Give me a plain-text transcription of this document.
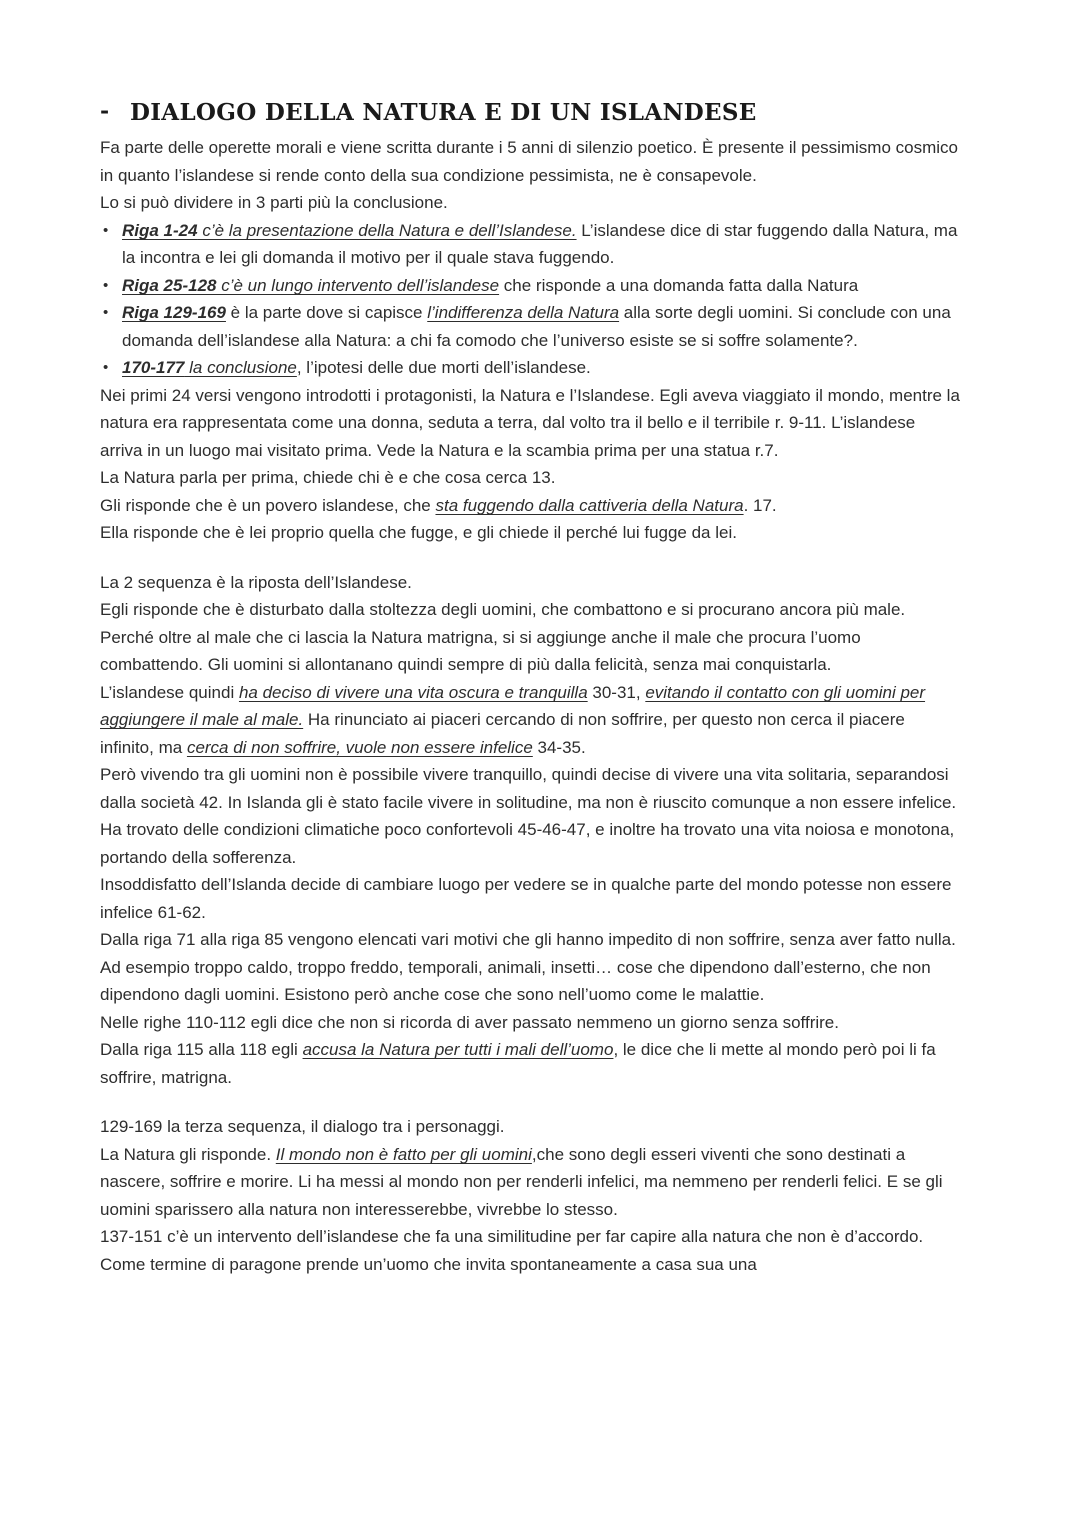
- DIALOGO DELLA NATURA E DI UN ISLANDESE
Fa parte delle operette morali e viene scritta durante i 5 anni di silenzio poetico. È presente il pessimismo cosmico in quanto l’islandese si rende conto della sua condizione pessimista, ne è consapevole.
Lo si può dividere in 3 parti più la conclusione.
• Riga 1-24 c’è la presentazione della Natura e dell’Islandese. L’islandese dice di star fuggendo dalla Natura, ma la incontra e lei gli domanda il motivo per il quale stava fuggendo.
• Riga 25-128 c’è un lungo intervento dell’islandese che risponde a una domanda fatta dalla Natura
• Riga 129-169 è la parte dove si capisce l’indifferenza della Natura alla sorte degli uomini. Si conclude con una domanda dell’islandese alla Natura: a chi fa comodo che l’universo esiste se si soffre solamente?.
• 170-177 la conclusione, l’ipotesi delle due morti dell’islandese.
Nei primi 24 versi vengono introdotti i protagonisti, la Natura e l’Islandese. Egli aveva viaggiato il mondo, mentre la natura era rappresentata come una donna, seduta a terra, dal volto tra il bello e il terribile r. 9-11. L’islandese arriva in un luogo mai visitato prima. Vede la Natura e la scambia prima per una statua r.7.
La Natura parla per prima, chiede chi è e che cosa cerca 13.
Gli risponde che è un povero islandese, che sta fuggendo dalla cattiveria della Natura. 17.
Ella risponde che è lei proprio quella che fugge, e gli chiede il perché lui fugge da lei.
La 2 sequenza è la riposta dell’Islandese.
Egli risponde che è disturbato dalla stoltezza degli uomini, che combattono e si procurano ancora più male. Perché oltre al male che ci lascia la Natura matrigna, si si aggiunge anche il male che procura l’uomo combattendo. Gli uomini si allontanano quindi sempre di più dalla felicità, senza mai conquistarla.
L’islandese quindi ha deciso di vivere una vita oscura e tranquilla 30-31, evitando il contatto con gli uomini per aggiungere il male al male. Ha rinunciato ai piaceri cercando di non soffrire, per questo non cerca il piacere infinito, ma cerca di non soffrire, vuole non essere infelice 34-35.
Però vivendo tra gli uomini non è possibile vivere tranquillo, quindi decise di vivere una vita solitaria, separandosi dalla società 42. In Islanda gli è stato facile vivere in solitudine, ma non è riuscito comunque a non essere infelice. Ha trovato delle condizioni climatiche poco confortevoli 45-46-47, e inoltre ha trovato una vita noiosa e monotona, portando della sofferenza.
Insoddisfatto dell’Islanda decide di cambiare luogo per vedere se in qualche parte del mondo potesse non essere infelice 61-62.
Dalla riga 71 alla riga 85 vengono elencati vari motivi che gli hanno impedito di non soffrire, senza aver fatto nulla. Ad esempio troppo caldo, troppo freddo, temporali, animali, insetti… cose che dipendono dall’esterno, che non dipendono dagli uomini. Esistono però anche cose che sono nell’uomo come le malattie.
Nelle righe 110-112 egli dice che non si ricorda di aver passato nemmeno un giorno senza soffrire.
Dalla riga 115 alla 118 egli accusa la Natura per tutti i mali dell’uomo, le dice che li mette al mondo però poi li fa soffrire, matrigna.
129-169 la terza sequenza, il dialogo tra i personaggi.
La Natura gli risponde. Il mondo non è fatto per gli uomini,che sono degli esseri viventi che sono destinati a nascere, soffrire e morire. Li ha messi al mondo non per renderli infelici, ma nemmeno per renderli felici. E se gli uomini sparissero alla natura non interesserebbe, vivrebbe lo stesso.
137-151 c’è un intervento dell’islandese che fa una similitudine per far capire alla natura che non è d’accordo. Come termine di paragone prende un’uomo che invita spontaneamente a casa sua una
